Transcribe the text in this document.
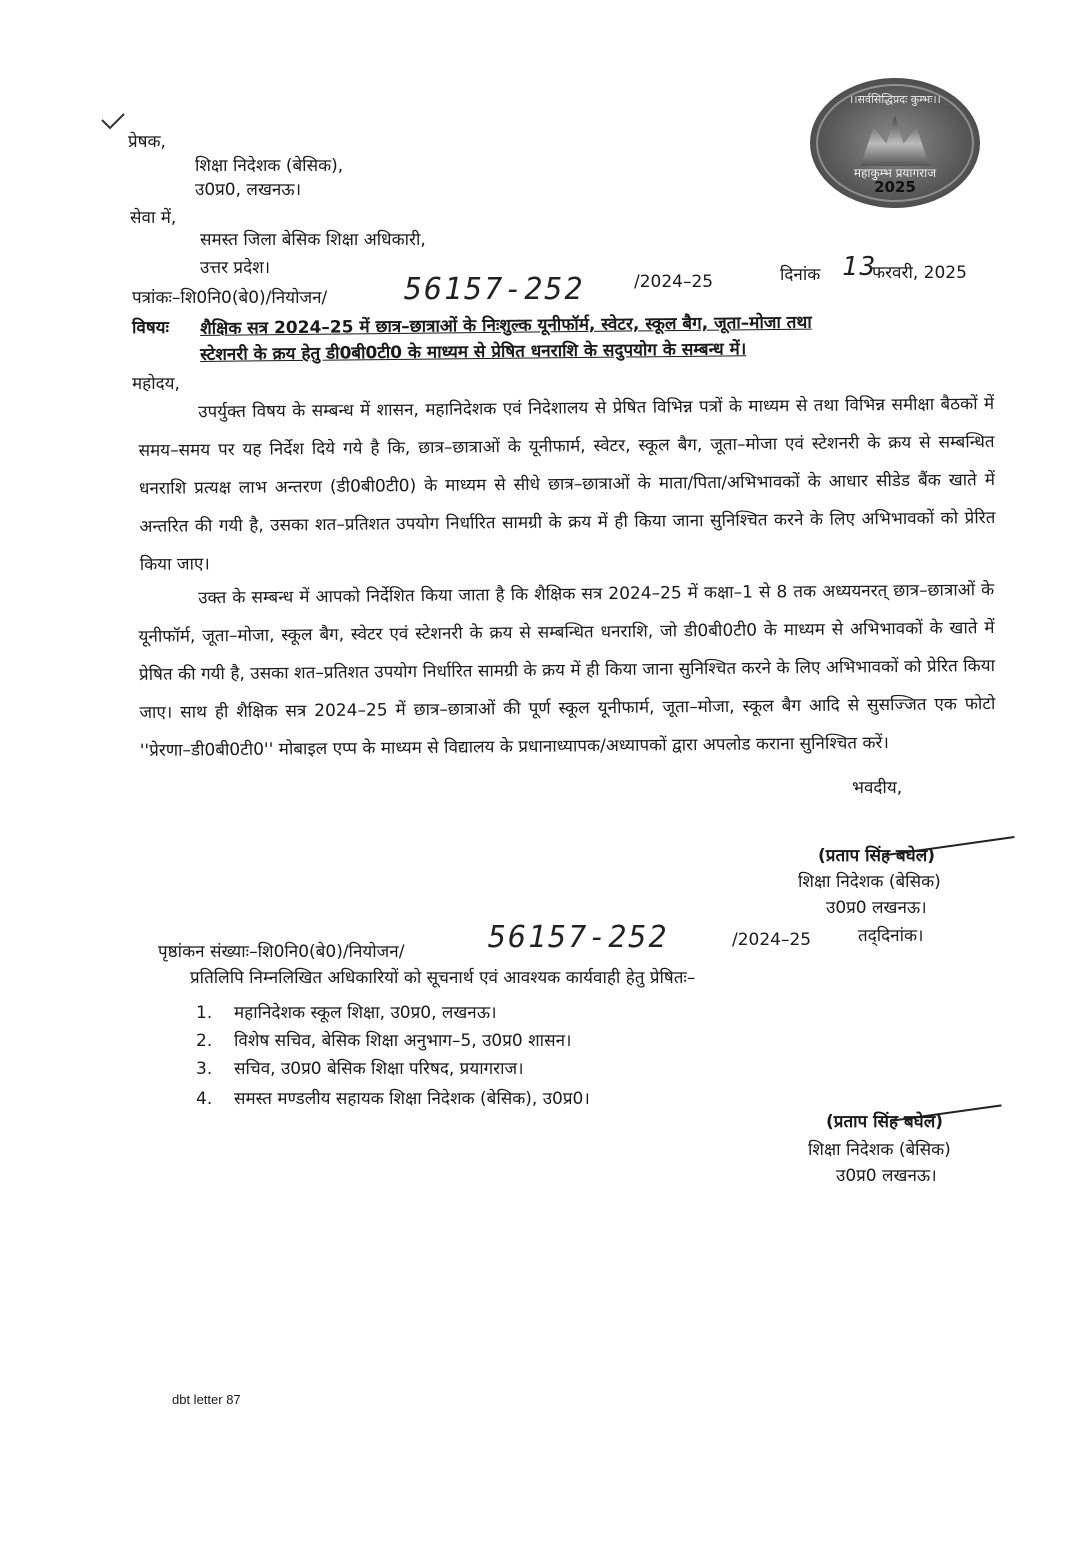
।।सर्वसिद्धिप्रदः कुम्भः।।
महाकुम्भ प्रयागराज
2025
प्रेषक,
शिक्षा निदेशक (बेसिक),
उ0प्र0, लखनऊ।
सेवा में,
समस्त जिला बेसिक शिक्षा अधिकारी,
उत्तर प्रदेश।
पत्रांकः–शि0नि0(बे0)/नियोजन/	56157-252	/2024–25	दिनांक 13
फरवरी, 2025
विषयः शैक्षिक सत्र 2024–25 में छात्र–छात्राओं के निःशुल्क यूनीफॉर्म, स्वेटर, स्कूल बैग, जूता–मोजा तथा
स्टेशनरी के क्रय हेतु डी0बी0टी0 के माध्यम से प्रेषित धनराशि के सदुपयोग के सम्बन्ध में।
महोदय,
उपर्युक्त विषय के सम्बन्ध में शासन, महानिदेशक एवं निदेशालय से प्रेषित विभिन्न पत्रों के माध्यम से तथा विभिन्न समीक्षा बैठकों में समय–समय पर यह निर्देश दिये गये है कि, छात्र–छात्राओं के यूनीफार्म, स्वेटर, स्कूल बैग, जूता–मोजा एवं स्टेशनरी के क्रय से सम्बन्धित धनराशि प्रत्यक्ष लाभ अन्तरण (डी0बी0टी0) के माध्यम से सीधे छात्र–छात्राओं के माता/पिता/अभिभावकों के आधार सीडेड बैंक खाते में अन्तरित की गयी है, उसका शत–प्रतिशत उपयोग निर्धारित सामग्री के क्रय में ही किया जाना सुनिश्चित करने के लिए अभिभावकों को प्रेरित किया जाए।
उक्त के सम्बन्ध में आपको निर्देशित किया जाता है कि शैक्षिक सत्र 2024–25 में कक्षा–1 से 8 तक अध्ययनरत् छात्र–छात्राओं के यूनीफॉर्म, जूता–मोजा, स्कूल बैग, स्वेटर एवं स्टेशनरी के क्रय से सम्बन्धित धनराशि, जो डी0बी0टी0 के माध्यम से अभिभावकों के खाते में प्रेषित की गयी है, उसका शत–प्रतिशत उपयोग निर्धारित सामग्री के क्रय में ही किया जाना सुनिश्चित करने के लिए अभिभावकों को प्रेरित किया जाए। साथ ही शैक्षिक सत्र 2024–25 में छात्र–छात्राओं की पूर्ण स्कूल यूनीफार्म, जूता–मोजा, स्कूल बैग आदि से सुसज्जित एक फोटो ''प्रेरणा–डी0बी0टी0'' मोबाइल एप्प के माध्यम से विद्यालय के प्रधानाध्यापक/अध्यापकों द्वारा अपलोड कराना सुनिश्चित करें।
भवदीय,
(प्रताप सिंह बघेल)
शिक्षा निदेशक (बेसिक)
उ0प्र0 लखनऊ।
पृष्ठांकन संख्याः–शि0नि0(बे0)/नियोजन/	56157-252	/2024–25	तद्‌दिनांक।
प्रतिलिपि निम्नलिखित अधिकारियों को सूचनार्थ एवं आवश्यक कार्यवाही हेतु प्रेषितः–
1. महानिदेशक स्कूल शिक्षा, उ0प्र0, लखनऊ।
2. विशेष सचिव, बेसिक शिक्षा अनुभाग–5, उ0प्र0 शासन।
3. सचिव, उ0प्र0 बेसिक शिक्षा परिषद, प्रयागराज।
4. समस्त मण्डलीय सहायक शिक्षा निदेशक (बेसिक), उ0प्र0।
(प्रताप सिंह बघेल)
शिक्षा निदेशक (बेसिक)
उ0प्र0 लखनऊ।
dbt letter 87
